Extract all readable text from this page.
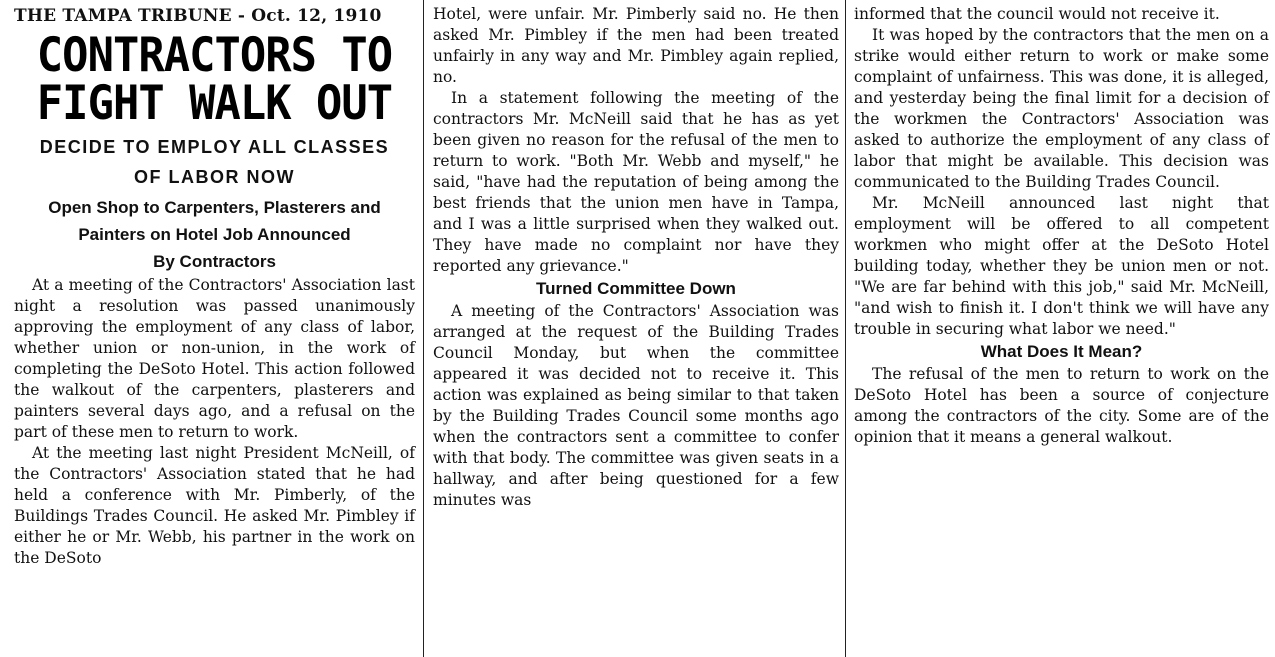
THE TAMPA TRIBUNE - Oct. 12, 1910
CONTRACTORS TO
FIGHT WALK OUT
DECIDE TO EMPLOY ALL CLASSES
OF LABOR NOW
Open Shop to Carpenters, Plasterers and
Painters on Hotel Job Announced
By Contractors

At a meeting of the Contractors' Association last night a resolution was passed unanimously approving the employment of any class of labor, whether union or non-union, in the work of completing the DeSoto Hotel. This action followed the walkout of the carpenters, plasterers and painters several days ago, and a refusal on the part of these men to return to work.

At the meeting last night President McNeill, of the Contractors' Association stated that he had held a conference with Mr. Pimberly, of the Buildings Trades Council. He asked Mr. Pimbley if either he or Mr. Webb, his partner in the work on the DeSoto

Hotel, were unfair. Mr. Pimberly said no. He then asked Mr. Pimbley if the men had been treated unfairly in any way and Mr. Pimbley again replied, no.

In a statement following the meeting of the contractors Mr. McNeill said that he has as yet been given no reason for the refusal of the men to return to work. "Both Mr. Webb and myself," he said, "have had the reputation of being among the best friends that the union men have in Tampa, and I was a little surprised when they walked out. They have made no complaint nor have they reported any grievance."

Turned Committee Down

A meeting of the Contractors' Association was arranged at the request of the Building Trades Council Monday, but when the committee appeared it was decided not to receive it. This action was explained as being similar to that taken by the Building Trades Council some months ago when the contractors sent a committee to confer with that body. The committee was given seats in a hallway, and after being questioned for a few minutes was

informed that the council would not receive it.

It was hoped by the contractors that the men on a strike would either return to work or make some complaint of unfairness. This was done, it is alleged, and yesterday being the final limit for a decision of the workmen the Contractors' Association was asked to authorize the employment of any class of labor that might be available. This decision was communicated to the Building Trades Council.

Mr. McNeill announced last night that employment will be offered to all competent workmen who might offer at the DeSoto Hotel building today, whether they be union men or not. "We are far behind with this job," said Mr. McNeill, "and wish to finish it. I don't think we will have any trouble in securing what labor we need."

What Does It Mean?

The refusal of the men to return to work on the DeSoto Hotel has been a source of conjecture among the contractors of the city. Some are of the opinion that it means a general walkout.
